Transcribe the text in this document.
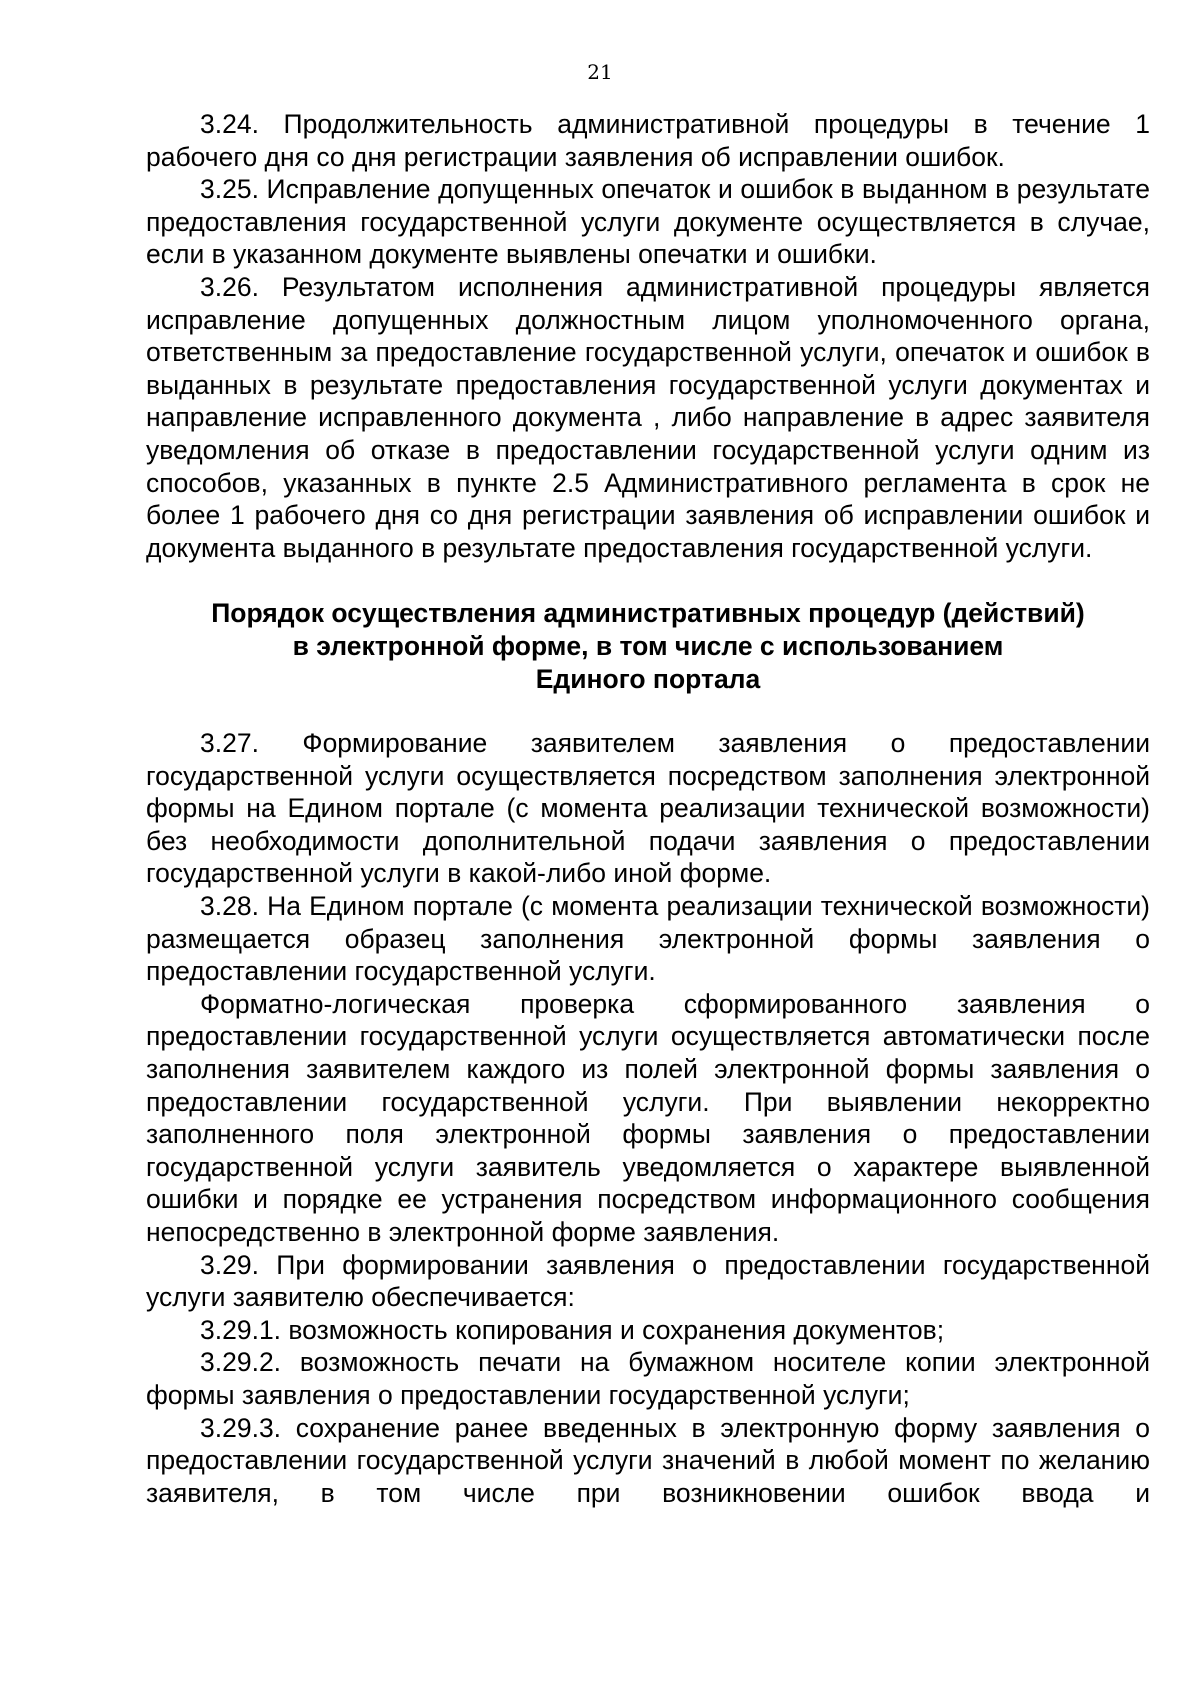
21

3.24. Продолжительность административной процедуры в течение 1 рабочего дня со дня регистрации заявления об исправлении ошибок.

3.25. Исправление допущенных опечаток и ошибок в выданном в результате предоставления государственной услуги документе осуществляется в случае, если в указанном документе выявлены опечатки и ошибки.

3.26. Результатом исполнения административной процедуры является исправление допущенных должностным лицом уполномоченного органа, ответственным за предоставление государственной услуги, опечаток и ошибок в выданных в результате предоставления государственной услуги документах и направление исправленного документа , либо направление в адрес заявителя уведомления об отказе в предоставлении государственной услуги одним из способов, указанных в пункте 2.5 Административного регламента в срок не более 1 рабочего дня со дня регистрации заявления об исправлении ошибок и документа выданного в результате предоставления государственной услуги.

Порядок осуществления административных процедур (действий)
в электронной форме, в том числе с использованием
Единого портала

3.27. Формирование заявителем заявления о предоставлении государственной услуги осуществляется посредством заполнения электронной формы на Едином портале (с момента реализации технической возможности) без необходимости дополнительной подачи заявления о предоставлении государственной услуги в какой-либо иной форме.

3.28. На Едином портале (с момента реализации технической возможности) размещается образец заполнения электронной формы заявления о предоставлении государственной услуги.

Форматно-логическая проверка сформированного заявления о предоставлении государственной услуги осуществляется автоматически после заполнения заявителем каждого из полей электронной формы заявления о предоставлении государственной услуги. При выявлении некорректно заполненного поля электронной формы заявления о предоставлении государственной услуги заявитель уведомляется о характере выявленной ошибки и порядке ее устранения посредством информационного сообщения непосредственно в электронной форме заявления.

3.29. При формировании заявления о предоставлении государственной услуги заявителю обеспечивается:

3.29.1. возможность копирования и сохранения документов;

3.29.2. возможность печати на бумажном носителе копии электронной формы заявления о предоставлении государственной услуги;

3.29.3. сохранение ранее введенных в электронную форму заявления о предоставлении государственной услуги значений в любой момент по желанию заявителя, в том числе при возникновении ошибок ввода и
